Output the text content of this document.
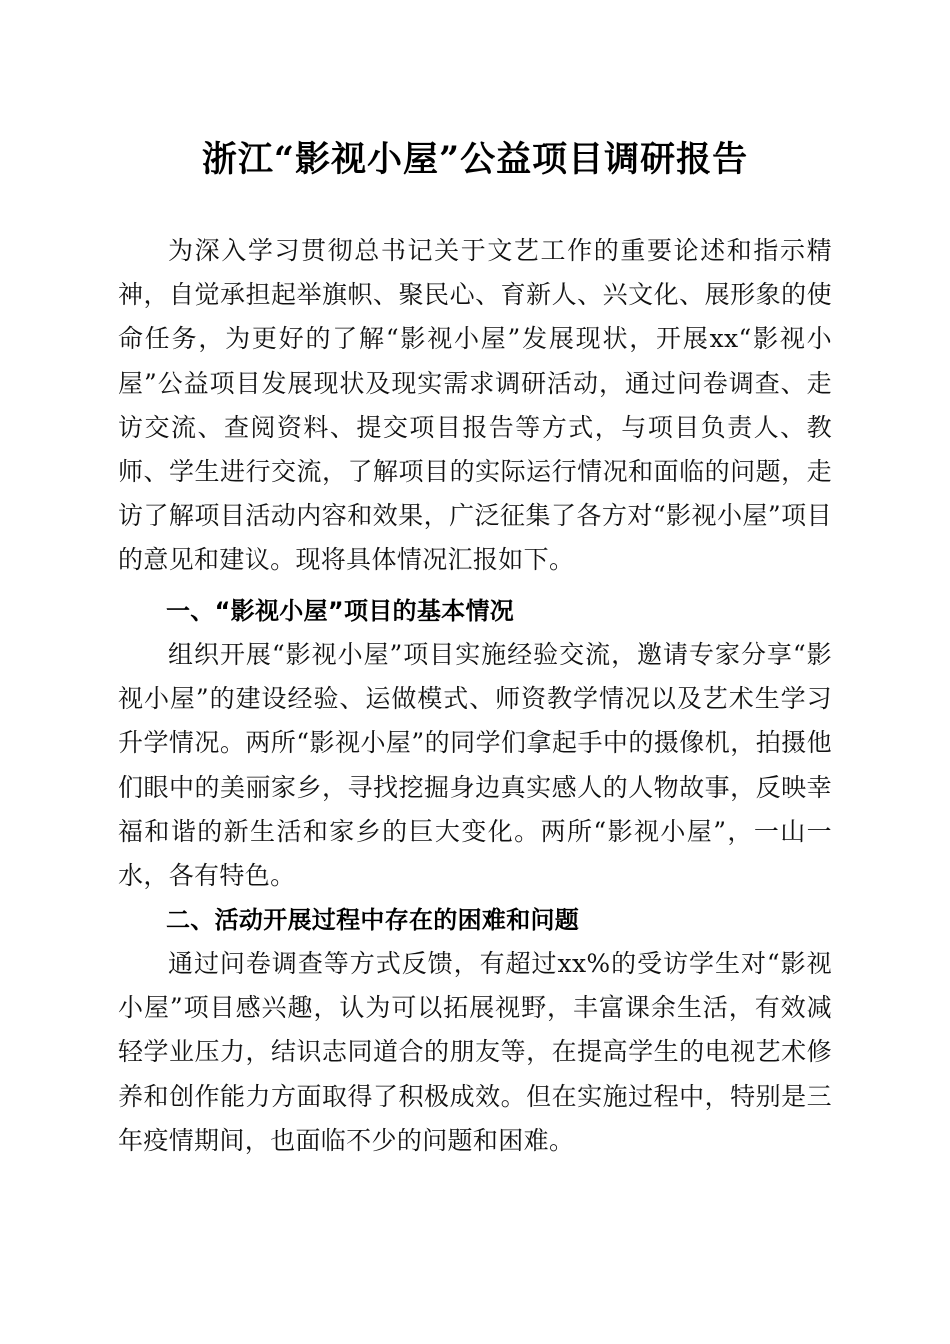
浙江“影视小屋”公益项目调研报告

为深入学习贯彻总书记关于文艺工作的重要论述和指示精神，自觉承担起举旗帜、聚民心、育新人、兴文化、展形象的使命任务，为更好的了解“影视小屋”发展现状，开展xx“影视小屋”公益项目发展现状及现实需求调研活动，通过问卷调查、走访交流、查阅资料、提交项目报告等方式，与项目负责人、教师、学生进行交流，了解项目的实际运行情况和面临的问题，走访了解项目活动内容和效果，广泛征集了各方对“影视小屋”项目的意见和建议。现将具体情况汇报如下。

一、“影视小屋”项目的基本情况

组织开展“影视小屋”项目实施经验交流，邀请专家分享“影视小屋”的建设经验、运做模式、师资教学情况以及艺术生学习升学情况。两所“影视小屋”的同学们拿起手中的摄像机，拍摄他们眼中的美丽家乡，寻找挖掘身边真实感人的人物故事，反映幸福和谐的新生活和家乡的巨大变化。两所“影视小屋”，一山一水，各有特色。

二、活动开展过程中存在的困难和问题

通过问卷调查等方式反馈，有超过xx%的受访学生对“影视小屋”项目感兴趣，认为可以拓展视野，丰富课余生活，有效减轻学业压力，结识志同道合的朋友等，在提高学生的电视艺术修养和创作能力方面取得了积极成效。但在实施过程中，特别是三年疫情期间，也面临不少的问题和困难。
